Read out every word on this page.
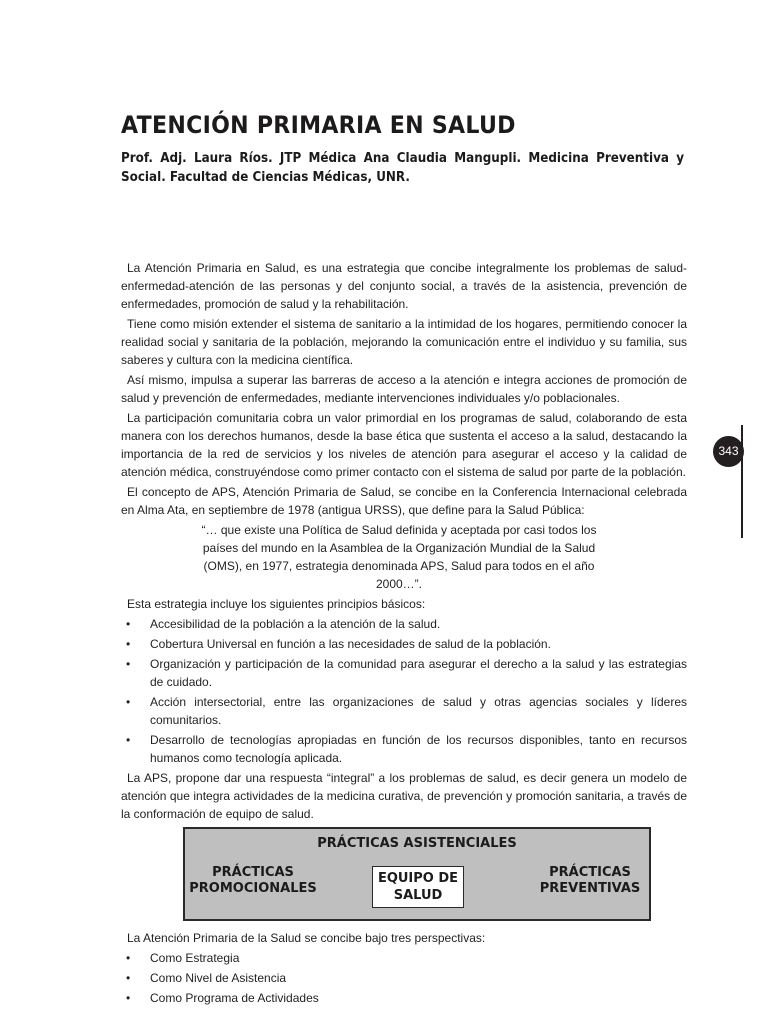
ATENCIÓN PRIMARIA EN SALUD

Prof. Adj. Laura Ríos. JTP Médica Ana Claudia Mangupli. Medicina Preventiva y Social. Facultad de Ciencias Médicas, UNR.

La Atención Primaria en Salud, es una estrategia que concibe integralmente los problemas de salud-enfermedad-atención de las personas y del conjunto social, a través de la asistencia, prevención de enfermedades, promoción de salud y la rehabilitación.

Tiene como misión extender el sistema de sanitario a la intimidad de los hogares, permitiendo conocer la realidad social y sanitaria de la población, mejorando la comunicación entre el individuo y su familia, sus saberes y cultura con la medicina científica.

Así mismo, impulsa a superar las barreras de acceso a la atención e integra acciones de promoción de salud y prevención de enfermedades, mediante intervenciones individuales y/o poblacionales.

La participación comunitaria cobra un valor primordial en los programas de salud, colaborando de esta manera con los derechos humanos, desde la base ética que sustenta el acceso a la salud, destacando la importancia de la red de servicios y los niveles de atención para asegurar el acceso y la calidad de atención médica, construyéndose como primer contacto con el sistema de salud por parte de la población.

El concepto de APS, Atención Primaria de Salud, se concibe en la Conferencia Internacional celebrada en Alma Ata, en septiembre de 1978 (antigua URSS), que define para la Salud Pública:

“… que existe una Política de Salud definida y aceptada por casi todos los países del mundo en la Asamblea de la Organización Mundial de la Salud (OMS), en 1977, estrategia denominada APS, Salud para todos en el año 2000…”.

Esta estrategia incluye los siguientes principios básicos:

• Accesibilidad de la población a la atención de la salud.
• Cobertura Universal en función a las necesidades de salud de la población.
• Organización y participación de la comunidad para asegurar el derecho a la salud y las estrategias de cuidado.
• Acción intersectorial, entre las organizaciones de salud y otras agencias sociales y líderes comunitarios.
• Desarrollo de tecnologías apropiadas en función de los recursos disponibles, tanto en recursos humanos como tecnología aplicada.

La APS, propone dar una respuesta “integral” a los problemas de salud, es decir genera un modelo de atención que integra actividades de la medicina curativa, de prevención y promoción sanitaria, a través de la conformación de equipo de salud.

PRÁCTICAS ASISTENCIALES
PRÁCTICAS
PROMOCIONALES
EQUIPO DE
SALUD
PRÁCTICAS
PREVENTIVAS

La Atención Primaria de la Salud se concibe bajo tres perspectivas:

• Como Estrategia
• Como Nivel de Asistencia
• Como Programa de Actividades
343
